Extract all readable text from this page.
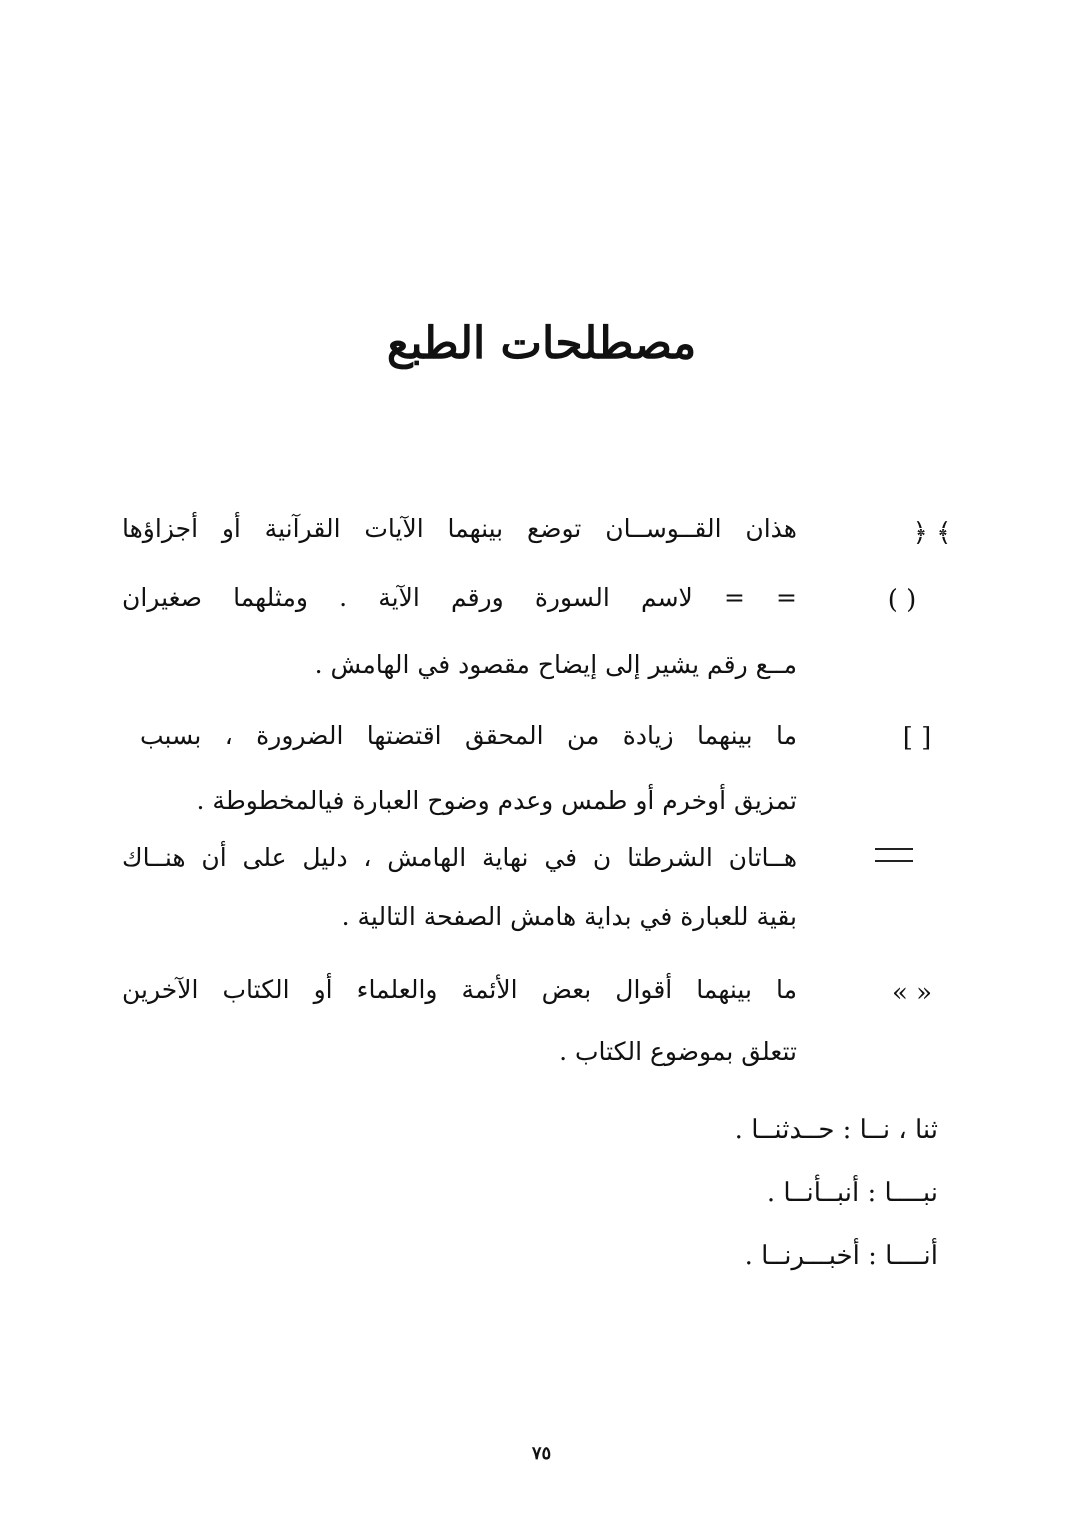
مصطلحات الطبع
﴿ ﴾
هذان القــوســان توضع بينهما الآيات القرآنية أو أجزاؤها
( )
= = لاسم السورة ورقم الآية . ومثلهما صغيران
مــع رقم يشير إلى إيضاح مقصود في الهامش .
[ ]
ما بينهما زيادة من المحقق اقتضتها الضرورة ، بسبب
تمزيق أوخرم أو طمس وعدم وضوح العبارة فيالمخطوطة .
هــاتان الشرطتا ن في نهاية الهامش ، دليل على أن هنــاك
بقية للعبارة في بداية هامش الصفحة التالية .
« »
ما بينهما أقوال بعض الأئمة والعلماء أو الكتاب الآخرين
تتعلق بموضوع الكتاب .
ثنا ، نــا : حــدثنــا .
نبــــا : أنبــأنــا .
أنــــا : أخبـــرنــا .
٧٥
